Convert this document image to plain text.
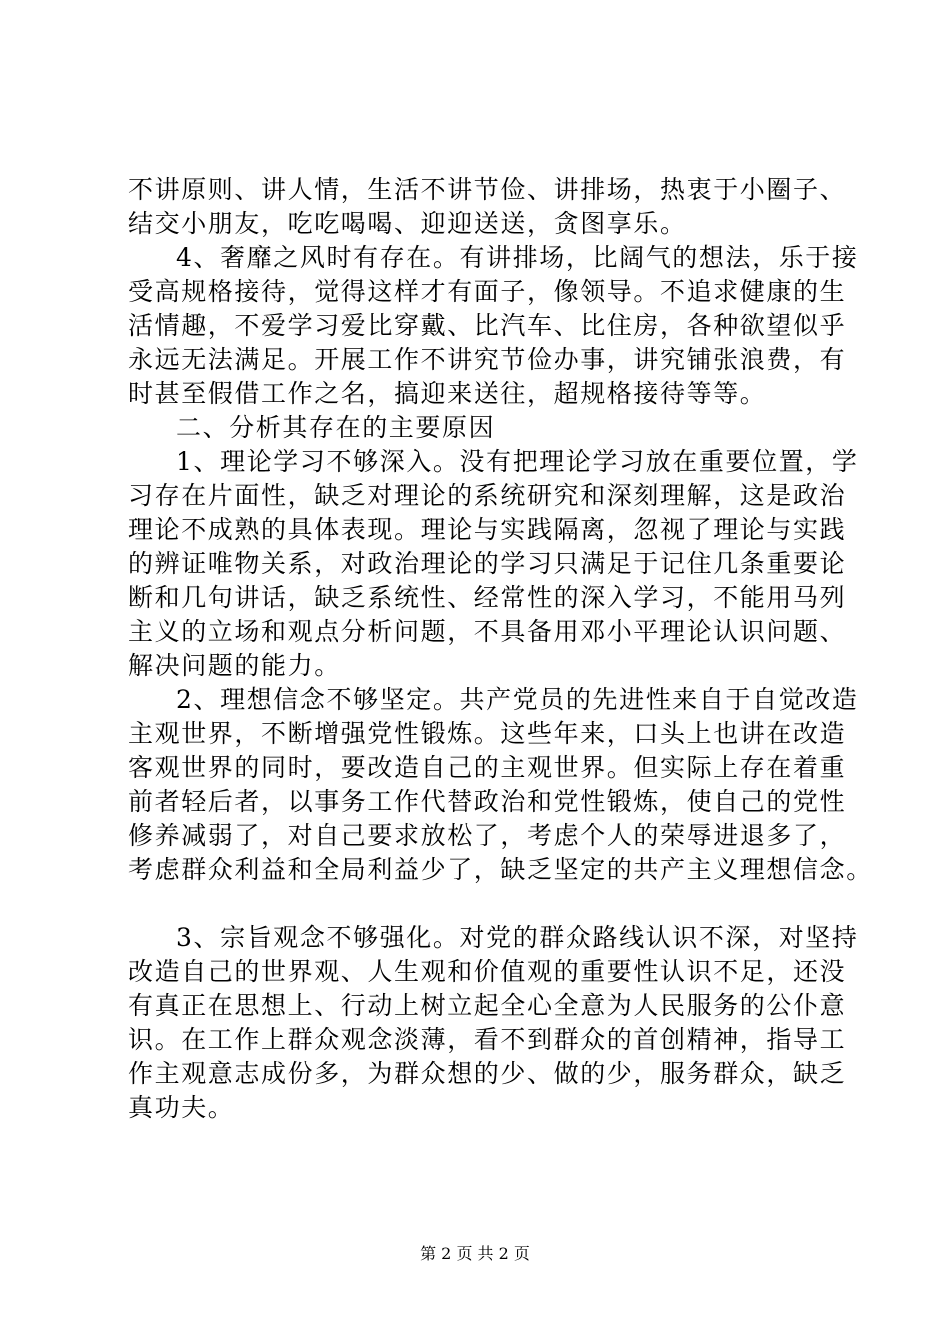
不讲原则、讲人情，生活不讲节俭、讲排场，热衷于小圈子、
结交小朋友，吃吃喝喝、迎迎送送，贪图享乐。
4、奢靡之风时有存在。有讲排场，比阔气的想法，乐于接
受高规格接待，觉得这样才有面子，像领导。不追求健康的生
活情趣，不爱学习爱比穿戴、比汽车、比住房，各种欲望似乎
永远无法满足。开展工作不讲究节俭办事，讲究铺张浪费，有
时甚至假借工作之名，搞迎来送往，超规格接待等等。
二、分析其存在的主要原因
1、理论学习不够深入。没有把理论学习放在重要位置，学
习存在片面性，缺乏对理论的系统研究和深刻理解，这是政治
理论不成熟的具体表现。理论与实践隔离，忽视了理论与实践
的辨证唯物关系，对政治理论的学习只满足于记住几条重要论
断和几句讲话，缺乏系统性、经常性的深入学习，不能用马列
主义的立场和观点分析问题，不具备用邓小平理论认识问题、
解决问题的能力。
2、理想信念不够坚定。共产党员的先进性来自于自觉改造
主观世界，不断增强党性锻炼。这些年来，口头上也讲在改造
客观世界的同时，要改造自己的主观世界。但实际上存在着重
前者轻后者，以事务工作代替政治和党性锻炼，使自己的党性
修养减弱了，对自己要求放松了，考虑个人的荣辱进退多了，
考虑群众利益和全局利益少了，缺乏坚定的共产主义理想信念。
3、宗旨观念不够强化。对党的群众路线认识不深，对坚持
改造自己的世界观、人生观和价值观的重要性认识不足，还没
有真正在思想上、行动上树立起全心全意为人民服务的公仆意
识。在工作上群众观念淡薄，看不到群众的首创精神，指导工
作主观意志成份多，为群众想的少、做的少，服务群众，缺乏
真功夫。
第 2 页 共 2 页
